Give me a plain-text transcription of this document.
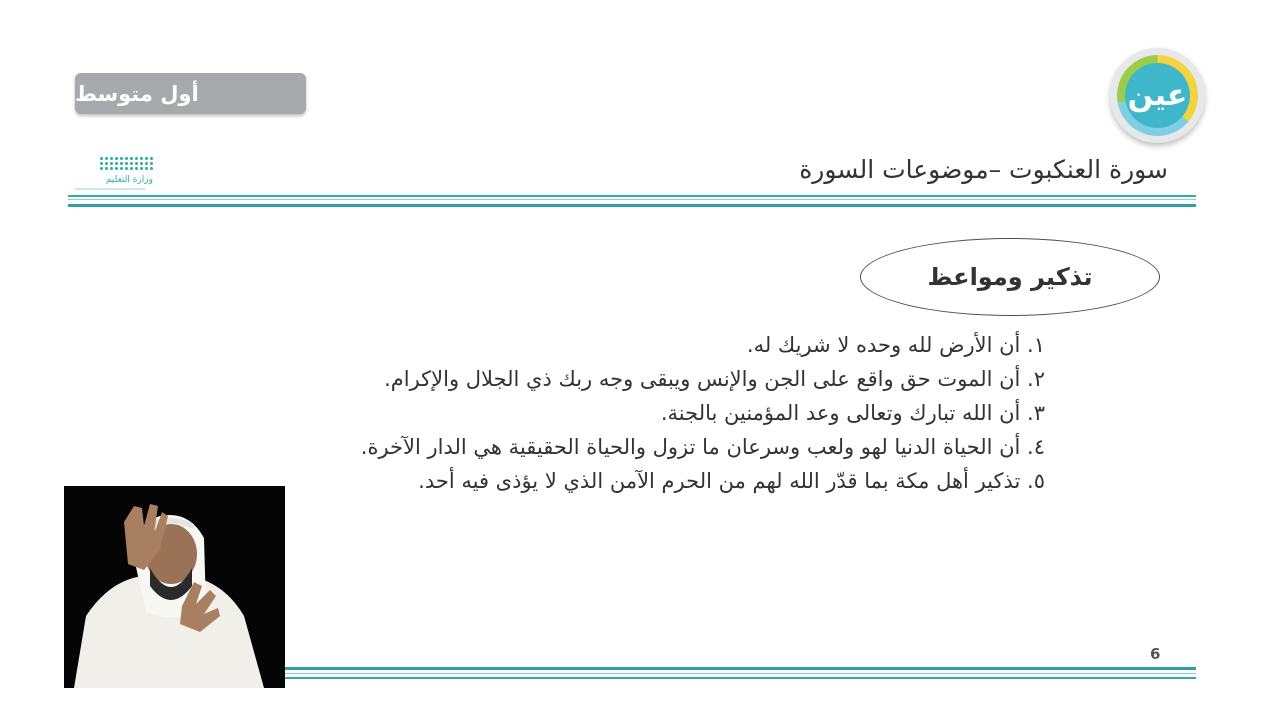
أول متوسط	عين
وزارة التعليم	سورة العنكبوت –موضوعات السورة
تذكير ومواعظ

١. أن الأرض لله وحده لا شريك له.

٢. أن الموت حق واقع على الجن والإنس ويبقى وجه ربك ذي الجلال والإكرام.

٣. أن الله تبارك وتعالى وعد المؤمنين بالجنة.

٤. أن الحياة الدنيا لهو ولعب وسرعان ما تزول والحياة الحقيقية هي الدار الآخرة.

٥. تذكير أهل مكة بما قدّر الله لهم من الحرم الآمن الذي لا يؤذى فيه أحد.

6
